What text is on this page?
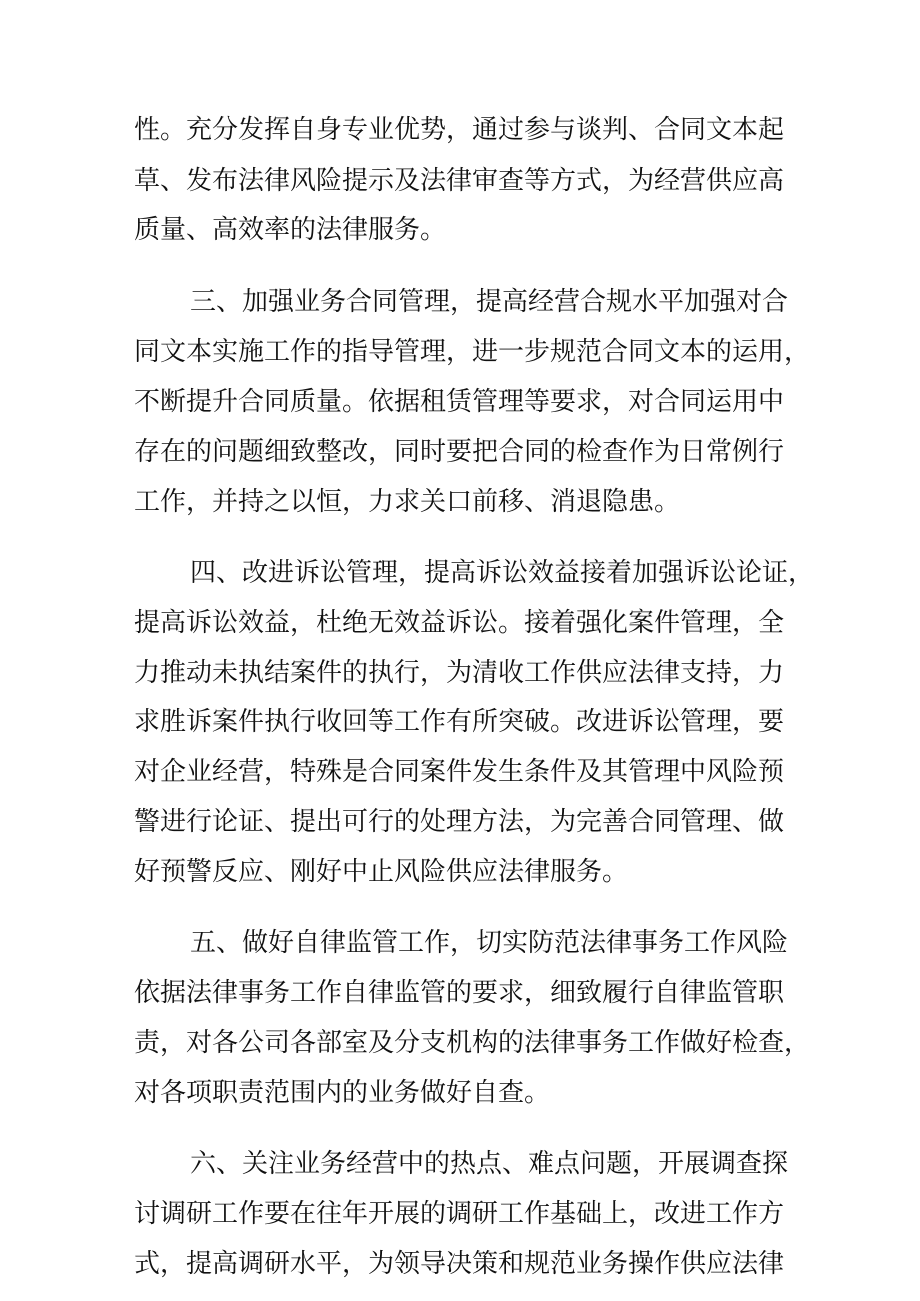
性。充分发挥自身专业优势，通过参与谈判、合同文本起
草、发布法律风险提示及法律审查等方式，为经营供应高
质量、高效率的法律服务。
三、加强业务合同管理，提高经营合规水平加强对合
同文本实施工作的指导管理，进一步规范合同文本的运用，
不断提升合同质量。依据租赁管理等要求，对合同运用中
存在的问题细致整改，同时要把合同的检查作为日常例行
工作，并持之以恒，力求关口前移、消退隐患。
四、改进诉讼管理，提高诉讼效益接着加强诉讼论证，
提高诉讼效益，杜绝无效益诉讼。接着强化案件管理，全
力推动未执结案件的执行，为清收工作供应法律支持，力
求胜诉案件执行收回等工作有所突破。改进诉讼管理，要
对企业经营，特殊是合同案件发生条件及其管理中风险预
警进行论证、提出可行的处理方法，为完善合同管理、做
好预警反应、刚好中止风险供应法律服务。
五、做好自律监管工作，切实防范法律事务工作风险
依据法律事务工作自律监管的要求，细致履行自律监管职
责，对各公司各部室及分支机构的法律事务工作做好检查，
对各项职责范围内的业务做好自查。
六、关注业务经营中的热点、难点问题，开展调查探
讨调研工作要在往年开展的调研工作基础上，改进工作方
式，提高调研水平，为领导决策和规范业务操作供应法律
